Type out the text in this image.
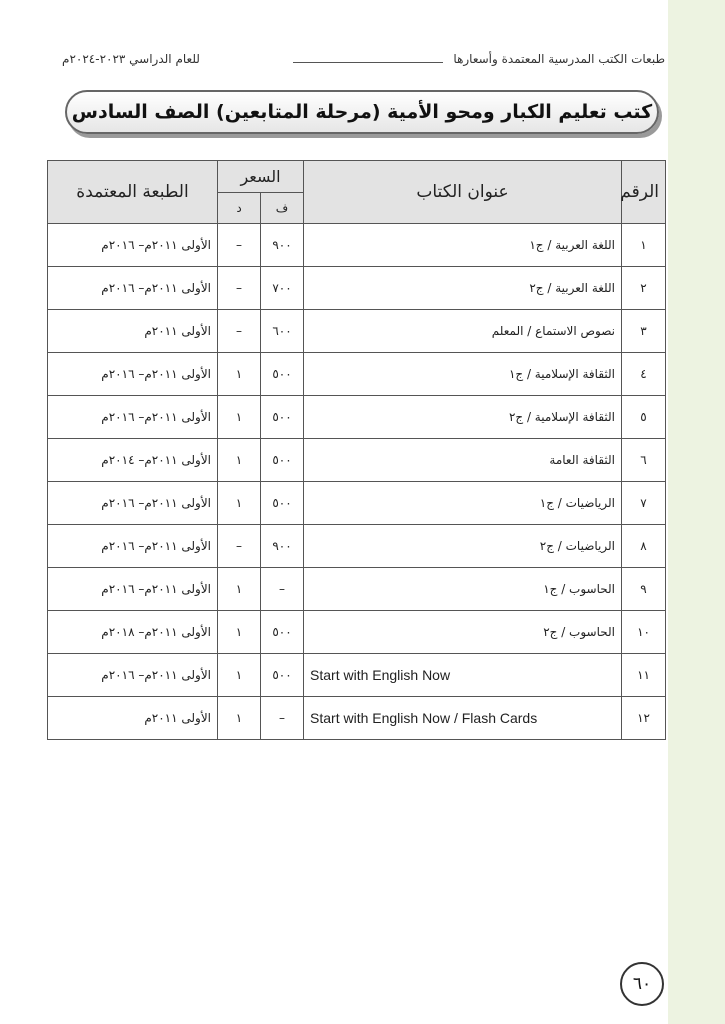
طبعات الكتب المدرسية المعتمدة وأسعارها
للعام الدراسي ٢٠٢٣-٢٠٢٤م
كتب تعليم الكبار ومحو الأمية (مرحلة المتابعين) الصف السادس
الرقم	عنوان الكتاب	السعر		الطبعة المعتمدة
		ف	د	
١	اللغة العربية / ج١	٩٠٠	–	الأولى ٢٠١١م– ٢٠١٦م
٢	اللغة العربية / ج٢	٧٠٠	–	الأولى ٢٠١١م– ٢٠١٦م
٣	نصوص الاستماع / المعلم	٦٠٠	–	الأولى ٢٠١١م
٤	الثقافة الإسلامية / ج١	٥٠٠	١	الأولى ٢٠١١م– ٢٠١٦م
٥	الثقافة الإسلامية / ج٢	٥٠٠	١	الأولى ٢٠١١م– ٢٠١٦م
٦	الثقافة العامة	٥٠٠	١	الأولى ٢٠١١م– ٢٠١٤م
٧	الرياضيات / ج١	٥٠٠	١	الأولى ٢٠١١م– ٢٠١٦م
٨	الرياضيات / ج٢	٩٠٠	–	الأولى ٢٠١١م– ٢٠١٦م
٩	الحاسوب / ج١	–	١	الأولى ٢٠١١م– ٢٠١٦م
١٠	الحاسوب / ج٢	٥٠٠	١	الأولى ٢٠١١م– ٢٠١٨م
١١	Start with English Now	٥٠٠	١	الأولى ٢٠١١م– ٢٠١٦م
١٢	Start with English Now / Flash Cards	–	١	الأولى ٢٠١١م
٦٠
